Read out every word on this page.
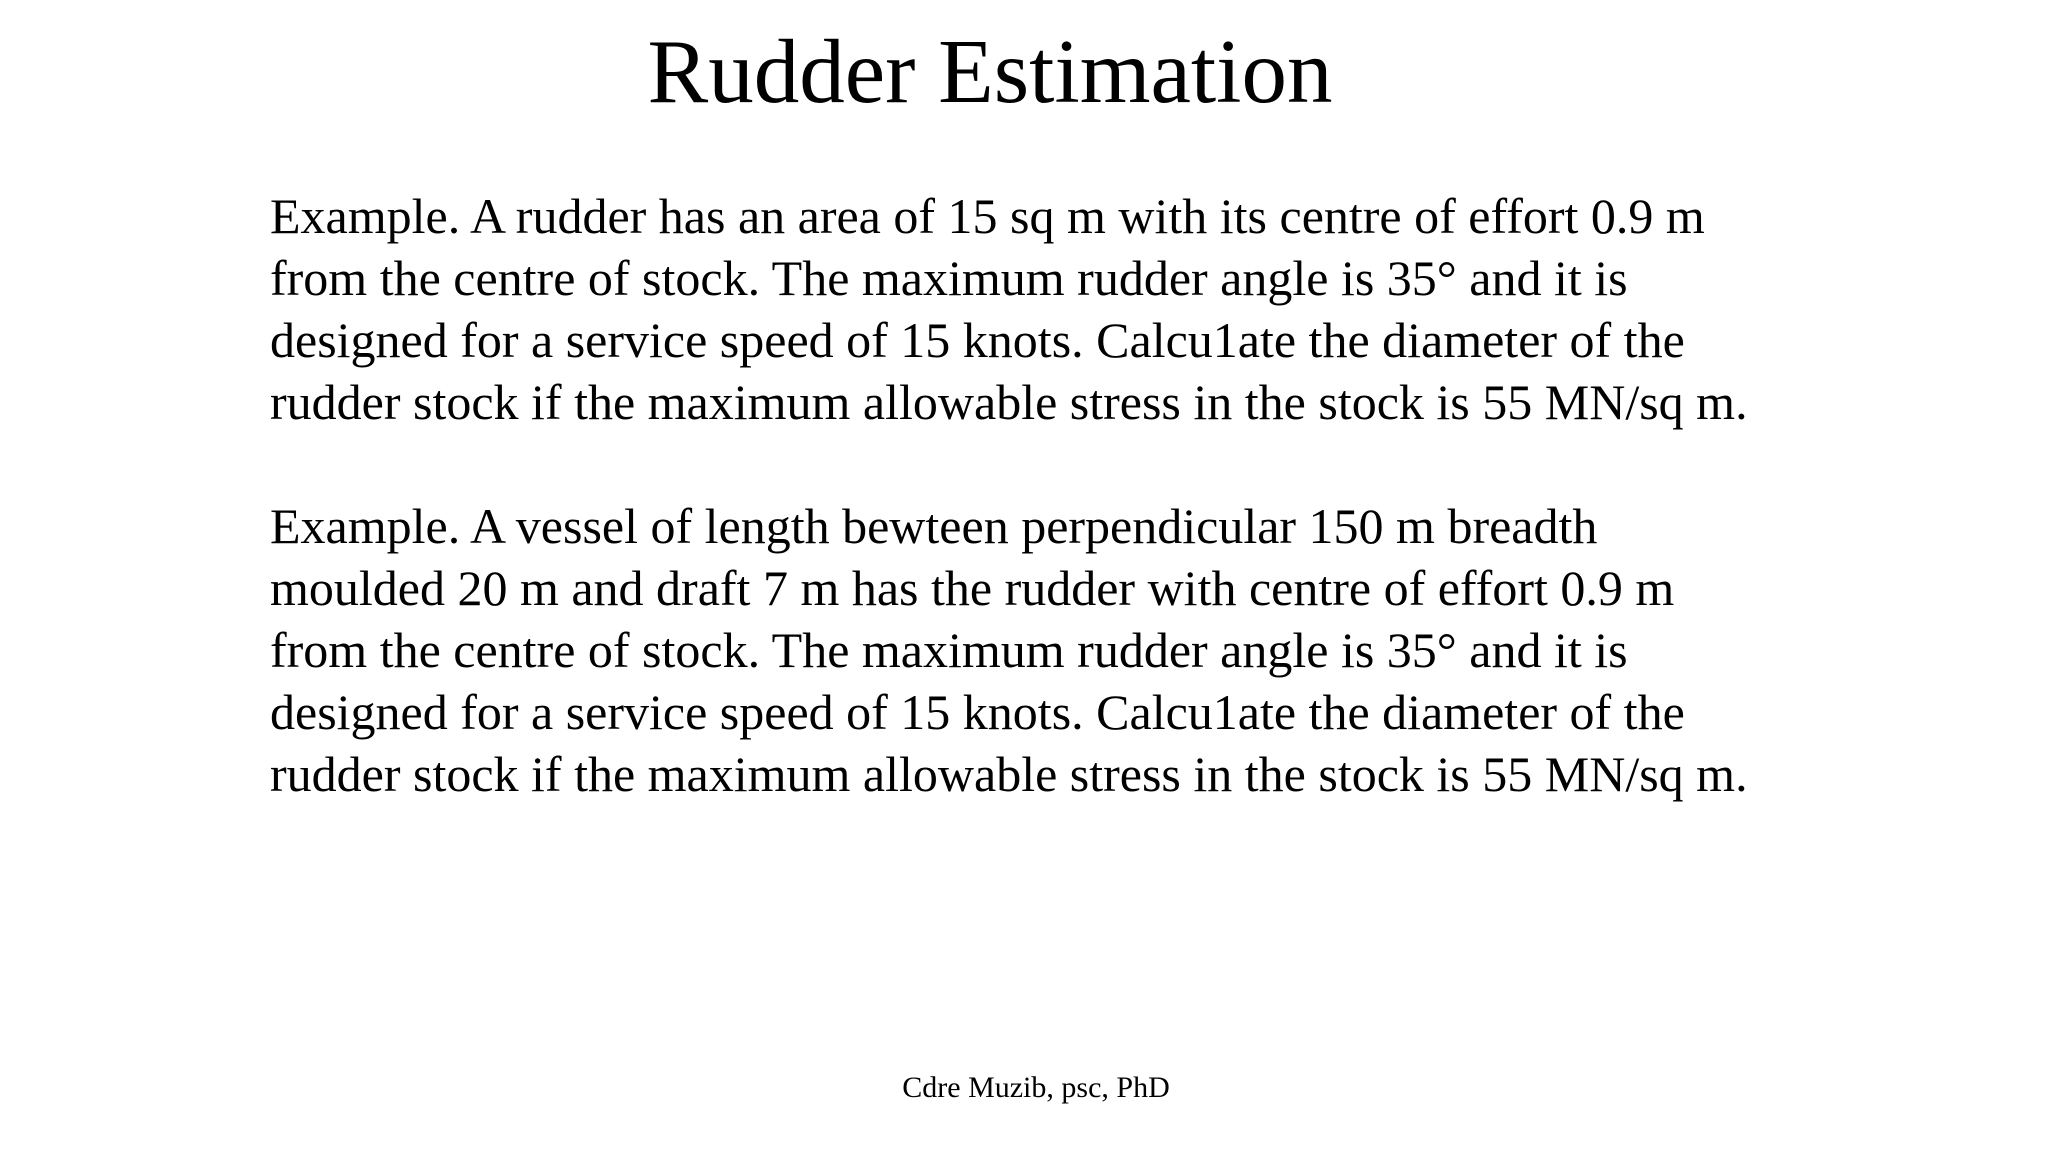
Rudder Estimation

Example. A rudder has an area of 15 sq m with its centre of effort 0.9 m
from the centre of stock. The maximum rudder angle is 35° and it is
designed for a service speed of 15 knots. Calcu1ate the diameter of the
rudder stock if the maximum allowable stress in the stock is 55 MN/sq m.

Example. A vessel of length bewteen perpendicular 150 m breadth
moulded 20 m and draft 7 m has the rudder with centre of effort 0.9 m
from the centre of stock. The maximum rudder angle is 35° and it is
designed for a service speed of 15 knots. Calcu1ate the diameter of the
rudder stock if the maximum allowable stress in the stock is 55 MN/sq m.

Cdre Muzib, psc, PhD
